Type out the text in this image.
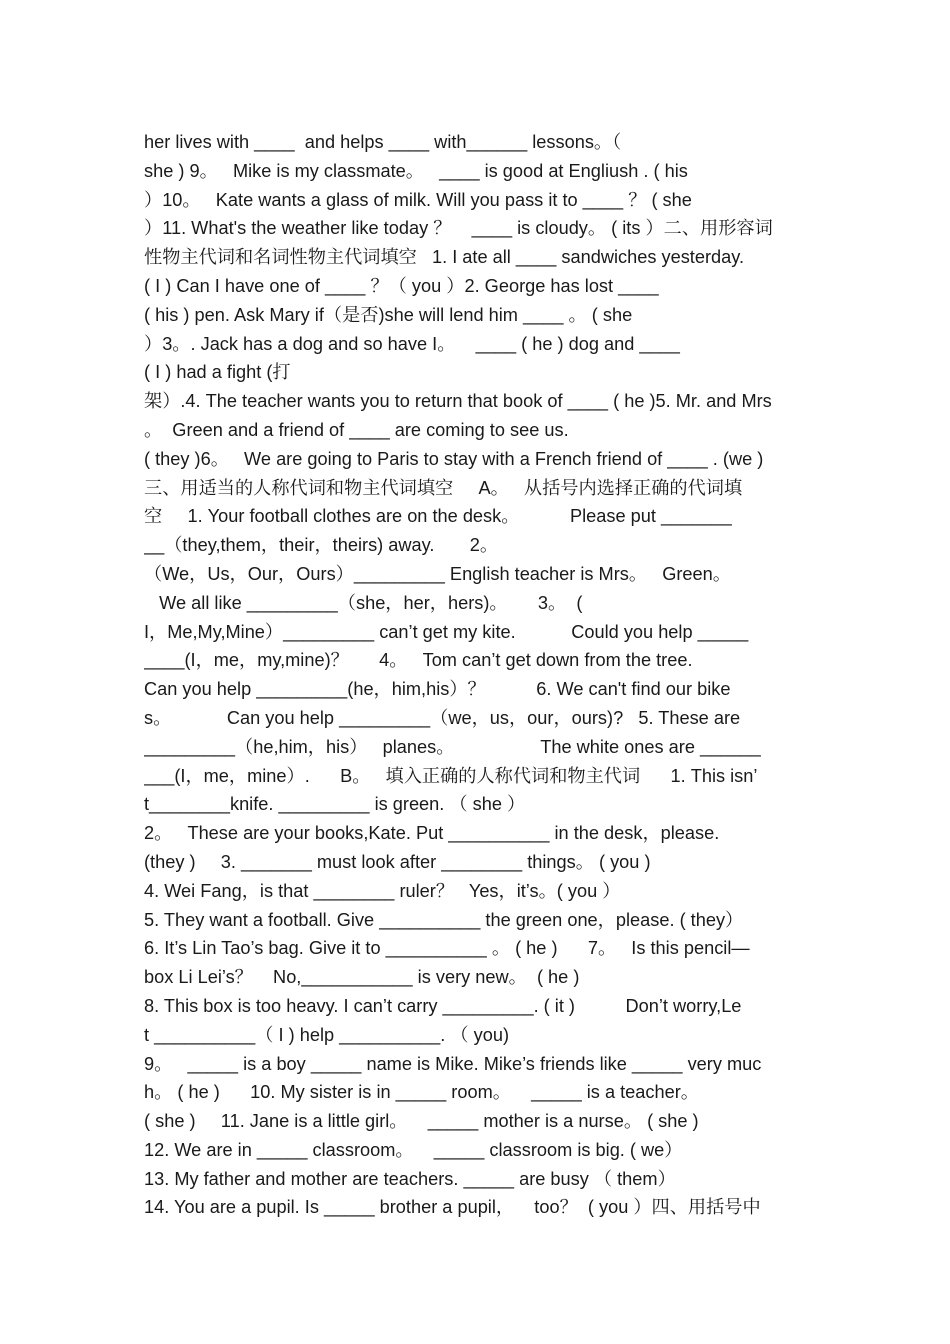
her lives with ____  and helps ____ with______ lessons。（
she ) 9。   Mike is my classmate。   ____ is good at Engliush . ( his
）10。   Kate wants a glass of milk. Will you pass it to ____ ？ ( she
）11. What's the weather like today ？    ____ is cloudy。 ( its ）二、用形容词
性物主代词和名词性物主代词填空   1. I ate all ____ sandwiches yesterday.
( I ) Can I have one of ____ ？（ you ）2. George has lost ____
( his ) pen. Ask Mary if（是否)she will lend him ____ 。 ( she
）3。. Jack has a dog and so have I。    ____ ( he ) dog and ____
( I ) had a fight (打
架）.4. The teacher wants you to return that book of ____ ( he )5. Mr. and Mrs
。  Green and a friend of ____ are coming to see us.
( they )6。   We are going to Paris to stay with a French friend of ____ . (we )
三、用适当的人称代词和物主代词填空     A。   从括号内选择正确的代词填
空     1. Your football clothes are on the desk。          Please put _______
__（they,them，their，theirs) away.       2。
（We，Us，Our，Ours）_________ English teacher is Mrs。   Green。
We all like _________（she，her，hers)。      3。  (
I，Me,My,Mine）_________ can’t get my kite.           Could you help _____
____(I，me，my,mine)？      4。   Tom can’t get down from the tree.
Can you help _________(he，him,his）？          6. We can't find our bike
s。           Can you help _________（we，us，our，ours)?   5. These are
_________（he,him，his）   planes。                 The white ones are ______
___(I，me，mine）.      B。   填入正确的人称代词和物主代词      1. This isn’
t________knife. _________ is green. （ she ）
2。   These are your books,Kate. Put __________ in the desk，please.
(they )     3. _______ must look after ________ things。 ( you )
4. Wei Fang，is that ________ ruler？   Yes，it’s。( you ）
5. They want a football. Give __________ the green one，please. ( they）
6. It’s Lin Tao’s bag. Give it to __________ 。 ( he )      7。   Is this pencil—
box Li Lei’s？    No,___________ is very new。  ( he )
8. This box is too heavy. I can’t carry _________. ( it )          Don’t worry,Le
t __________（ I ) help __________. （ you)
9。   _____ is a boy _____ name is Mike. Mike’s friends like _____ very muc
h。 ( he )      10. My sister is in _____ room。    _____ is a teacher。
( she )     11. Jane is a little girl。    _____ mother is a nurse。 ( she )
12. We are in _____ classroom。    _____ classroom is big. ( we）
13. My father and mother are teachers. _____ are busy （ them）
14. You are a pupil. Is _____ brother a pupil，    too？  ( you ）四、用括号中
